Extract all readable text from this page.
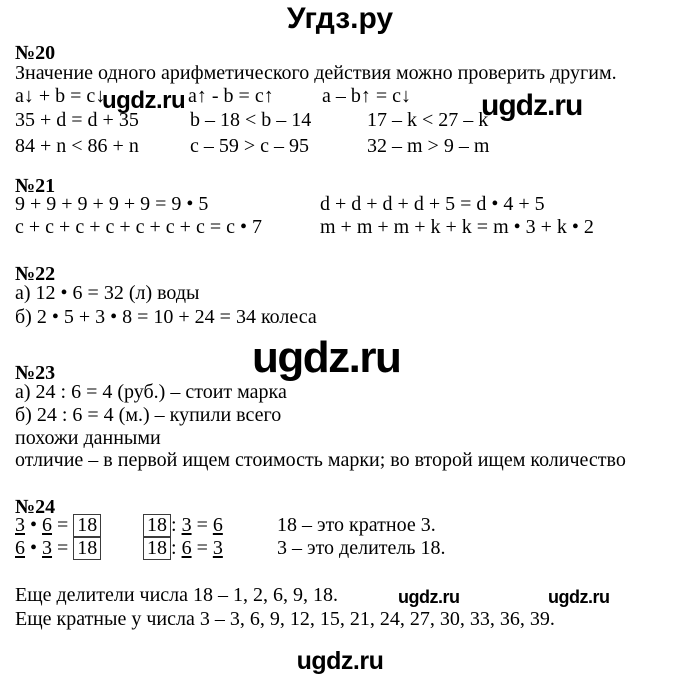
Угдз.ру
№20
Значение одного арифметического действия можно проверить другим.
a↓ + b = c↓
ugdz.ru a↑ - b = c↑ a – b↑ = c↓ ugdz.ru
35 + d = d + 35	b – 18 < b – 14	17 – k < 27 – k
84 + n < 86 + n	c – 59 > c – 95	32 – m > 9 – m
№21
9 + 9 + 9 + 9 + 9 = 9 • 5	d + d + d + d + 5 = d • 4 + 5
c + c + c + c + c + c + c = c • 7	m + m + m + k + k = m • 3 + k • 2
№22
а) 12 • 6 = 32 (л) воды
б) 2 • 5 + 3 • 8 = 10 + 24 = 34 колеса
ugdz.ru
№23
а) 24 : 6 = 4 (руб.) – стоит марка
б) 24 : 6 = 4 (м.) – купили всего
похожи данными
отличие – в первой ищем стоимость марки; во второй ищем количество
№24
3 • 6 = 18 18 : 3 = 6	18 – это кратное 3.
6 • 3 = 18 18 : 6 = 3	3 – это делитель 18.
Еще делители числа 18 – 1, 2, 6, 9, 18.	ugdz.ru	ugdz.ru
Еще кратные у числа 3 – 3, 6, 9, 12, 15, 21, 24, 27, 30, 33, 36, 39.
ugdz.ru
